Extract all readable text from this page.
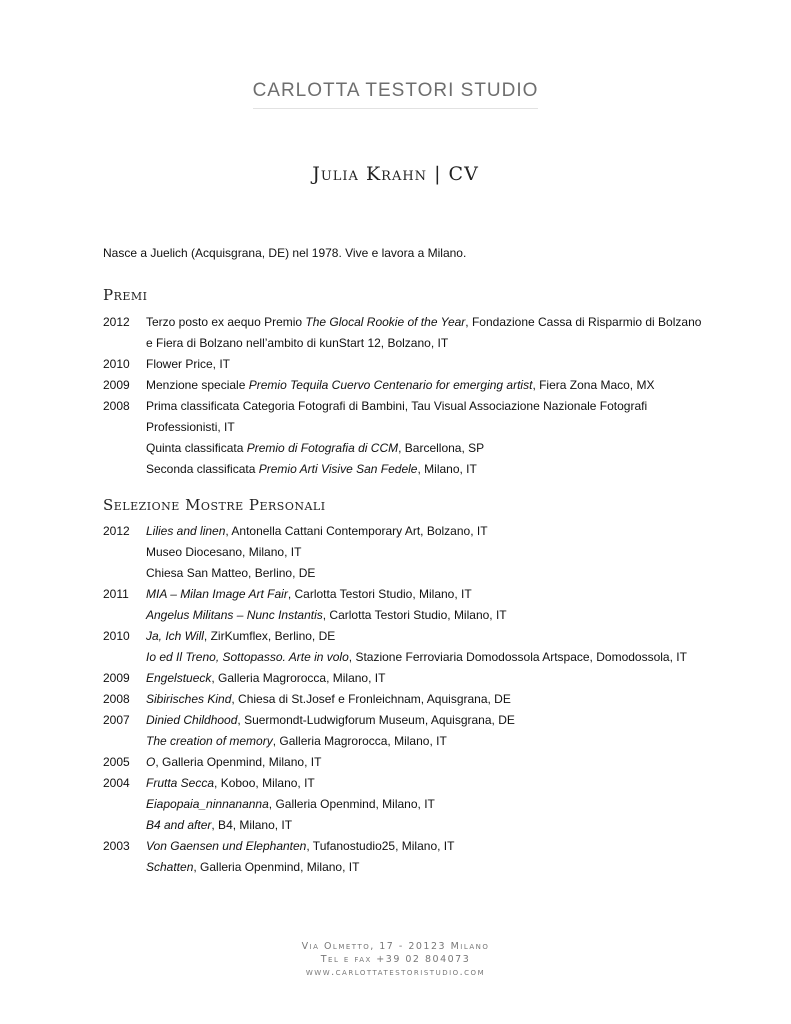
CARLOTTA TESTORI STUDIO
Julia Krahn | CV
Nasce a Juelich (Acquisgrana, DE) nel 1978. Vive e lavora a Milano.
Premi
2012	Terzo posto ex aequo Premio The Glocal Rookie of the Year, Fondazione Cassa di Risparmio di Bolzano e Fiera di Bolzano nell’ambito di kunStart 12, Bolzano, IT
2010	Flower Price, IT
2009	Menzione speciale Premio Tequila Cuervo Centenario for emerging artist, Fiera Zona Maco, MX
2008	Prima classificata Categoria Fotografi di Bambini, Tau Visual Associazione Nazionale Fotografi Professionisti, IT
Quinta classificata Premio di Fotografia di CCM, Barcellona, SP
Seconda classificata Premio Arti Visive San Fedele, Milano, IT
Selezione Mostre Personali
2012	Lilies and linen, Antonella Cattani Contemporary Art, Bolzano, IT
Museo Diocesano, Milano, IT
Chiesa San Matteo, Berlino, DE
2011	MIA – Milan Image Art Fair, Carlotta Testori Studio, Milano, IT
Angelus Militans – Nunc Instantis, Carlotta Testori Studio, Milano, IT
2010	Ja, Ich Will, ZirKumflex, Berlino, DE
Io ed Il Treno, Sottopasso. Arte in volo, Stazione Ferroviaria Domodossola Artspace, Domodossola, IT
2009	Engelstueck, Galleria Magrorocca, Milano, IT
2008	Sibirisches Kind, Chiesa di St.Josef e Fronleichnam, Aquisgrana, DE
2007	Dinied Childhood, Suermondt-Ludwigforum Museum, Aquisgrana, DE
The creation of memory, Galleria Magrorocca, Milano, IT
2005	O, Galleria Openmind, Milano, IT
2004	Frutta Secca, Koboo, Milano, IT
Eiapopaia_ninnananna, Galleria Openmind, Milano, IT
B4 and after, B4, Milano, IT
2003	Von Gaensen und Elephanten, Tufanostudio25, Milano, IT
Schatten, Galleria Openmind, Milano, IT
Via Olmetto, 17 - 20123 Milano
Tel e fax +39 02 804073
www.carlottatestoristudio.com
